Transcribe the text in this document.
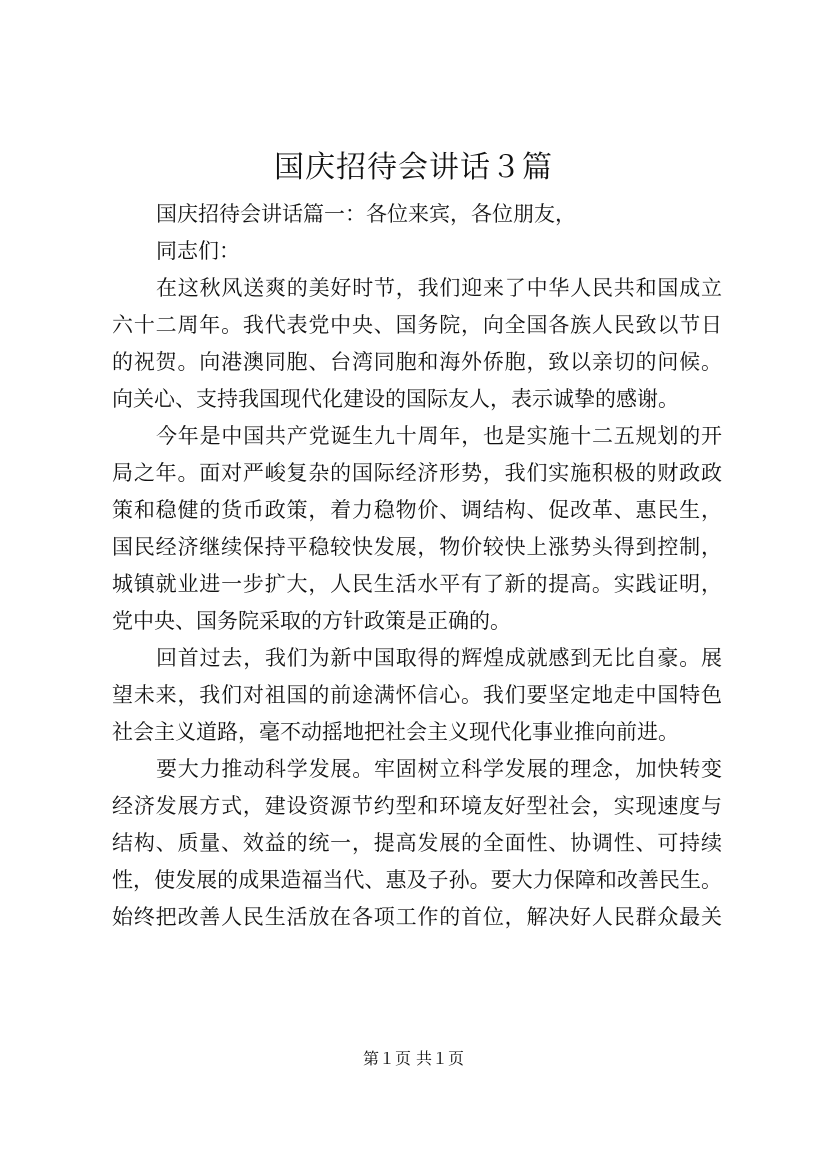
国庆招待会讲话３篇
国庆招待会讲话篇一：各位来宾，各位朋友，
同志们：
在这秋风送爽的美好时节，我们迎来了中华人民共和国成立
六十二周年。我代表党中央、国务院，向全国各族人民致以节日
的祝贺。向港澳同胞、台湾同胞和海外侨胞，致以亲切的问候。
向关心、支持我国现代化建设的国际友人，表示诚挚的感谢。
今年是中国共产党诞生九十周年，也是实施十二五规划的开
局之年。面对严峻复杂的国际经济形势，我们实施积极的财政政
策和稳健的货币政策，着力稳物价、调结构、促改革、惠民生，
国民经济继续保持平稳较快发展，物价较快上涨势头得到控制，
城镇就业进一步扩大，人民生活水平有了新的提高。实践证明，
党中央、国务院采取的方针政策是正确的。
回首过去，我们为新中国取得的辉煌成就感到无比自豪。展
望未来，我们对祖国的前途满怀信心。我们要坚定地走中国特色
社会主义道路，毫不动摇地把社会主义现代化事业推向前进。
要大力推动科学发展。牢固树立科学发展的理念，加快转变
经济发展方式，建设资源节约型和环境友好型社会，实现速度与
结构、质量、效益的统一，提高发展的全面性、协调性、可持续
性，使发展的成果造福当代、惠及子孙。要大力保障和改善民生。
始终把改善人民生活放在各项工作的首位，解决好人民群众最关
第１页 共１页
